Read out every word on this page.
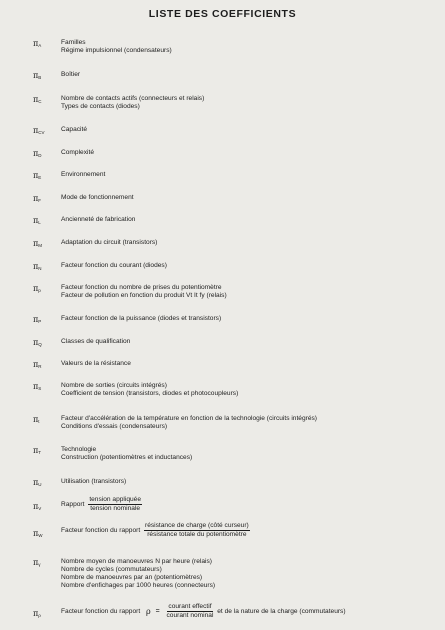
LISTE DES COEFFICIENTS
$\pi_A$	Familles
Régime impulsionnel (condensateurs)
$\pi_B$	Boîtier
$\pi_C$	Nombre de contacts actifs (connecteurs et relais)
Types de contacts (diodes)
$\pi_{CV}$ Capacité
$\pi_D$	Complexité
$\pi_E$	Environnement
$\pi_F$	Mode de fonctionnement
$\pi_L$	Ancienneté de fabrication
$\pi_M$	Adaptation du circuit (transistors)
$\pi_N$	Facteur fonction du courant (diodes)
$\pi_p$	Facteur fonction du nombre de prises du potentiomètre
Facteur de pollution en fonction du produit Vt It fy (relais)
$\pi_P$	Facteur fonction de la puissance (diodes et transistors)
$\pi_Q$	Classes de qualification
$\pi_R$	Valeurs de la résistance
$\pi_S$	Nombre de sorties (circuits intégrés)
Coefficient de tension (transistors, diodes et photocoupleurs)
$\pi_t$	Facteur d'accélération de la température en fonction de la technologie (circuits intégrés)
Conditions d'essais (condensateurs)
$\pi_T$	Technologie
Construction (potentiomètres et inductances)
$\pi_U$	Utilisation (transistors)
$\pi_V$
Rapport $\frac{\text{tension appliquée}}{\text{tension nominale}}$
$\pi_W$
Facteur fonction du rapport $\frac{\text{résistance de charge (côté curseur)}}{\text{résistance totale du potentiomètre}}$
$\pi_\gamma$	Nombre moyen de manoeuvres N par heure (relais)
Nombre de cycles (commutateurs)
Nombre de manoeuvres par an (potentiomètres)
Nombre d'enfichages par 1000 heures (connecteurs)
$\pi_\rho$
Facteur fonction du rapport $\rho = \frac{\text{courant effectif}}{\text{courant nominal}}$ et de la nature de la charge (commutateurs)
